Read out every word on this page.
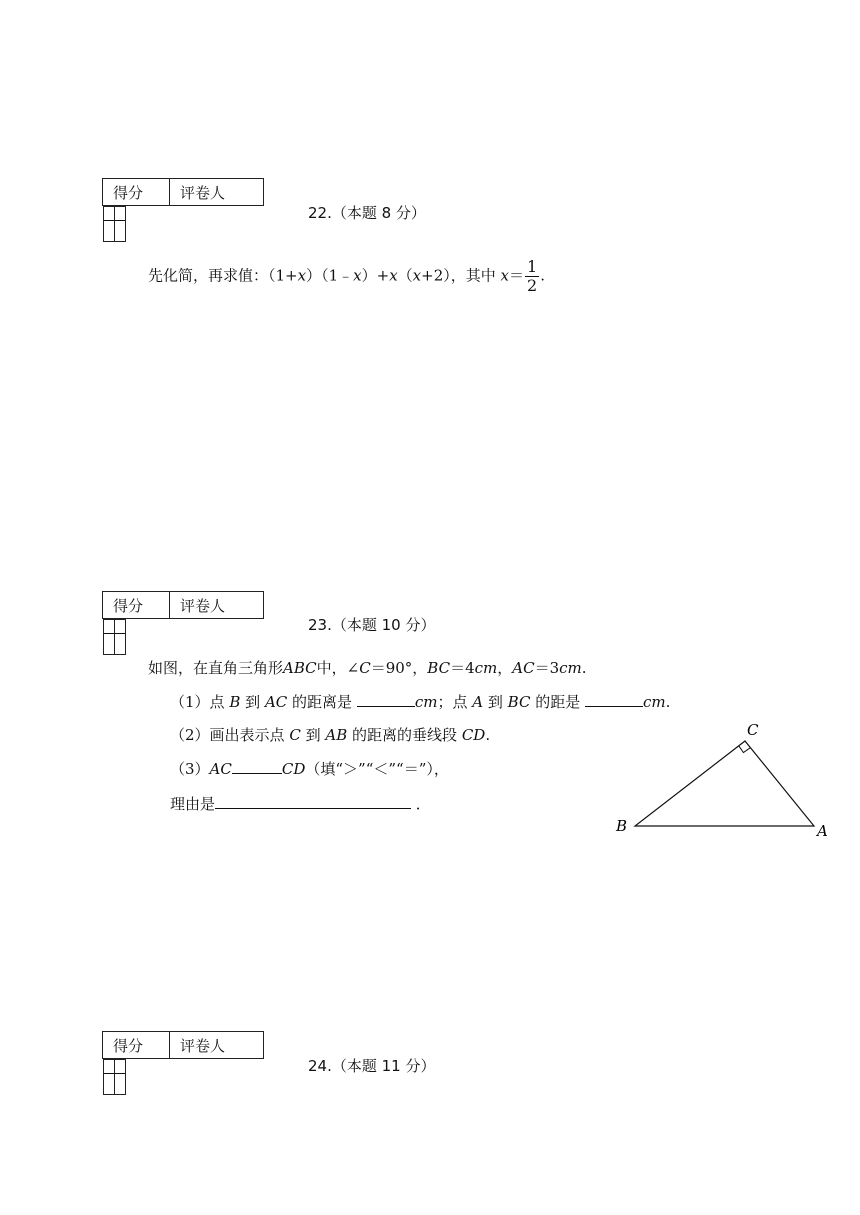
得分	评卷人

22.（本题 8 分）
先化简，再求值：（1+x）（1﹣x）+x（x+2），其中 $x= \frac{1}{2}$ .
得分	评卷人

23.（本题 10 分）
如图，在直角三角形ABC中，∠C＝90°，BC＝4cm，AC＝3cm.
（1）点 B 到 AC 的距离是	cm；点 A 到 BC 的距是	cm.
（2）画出表示点 C 到 AB 的距离的垂线段 CD.
（3）AC	CD（填“＞”“＜”“＝”），
理由是	．
C
B	A
得分	评卷人

24.（本题 11 分）
